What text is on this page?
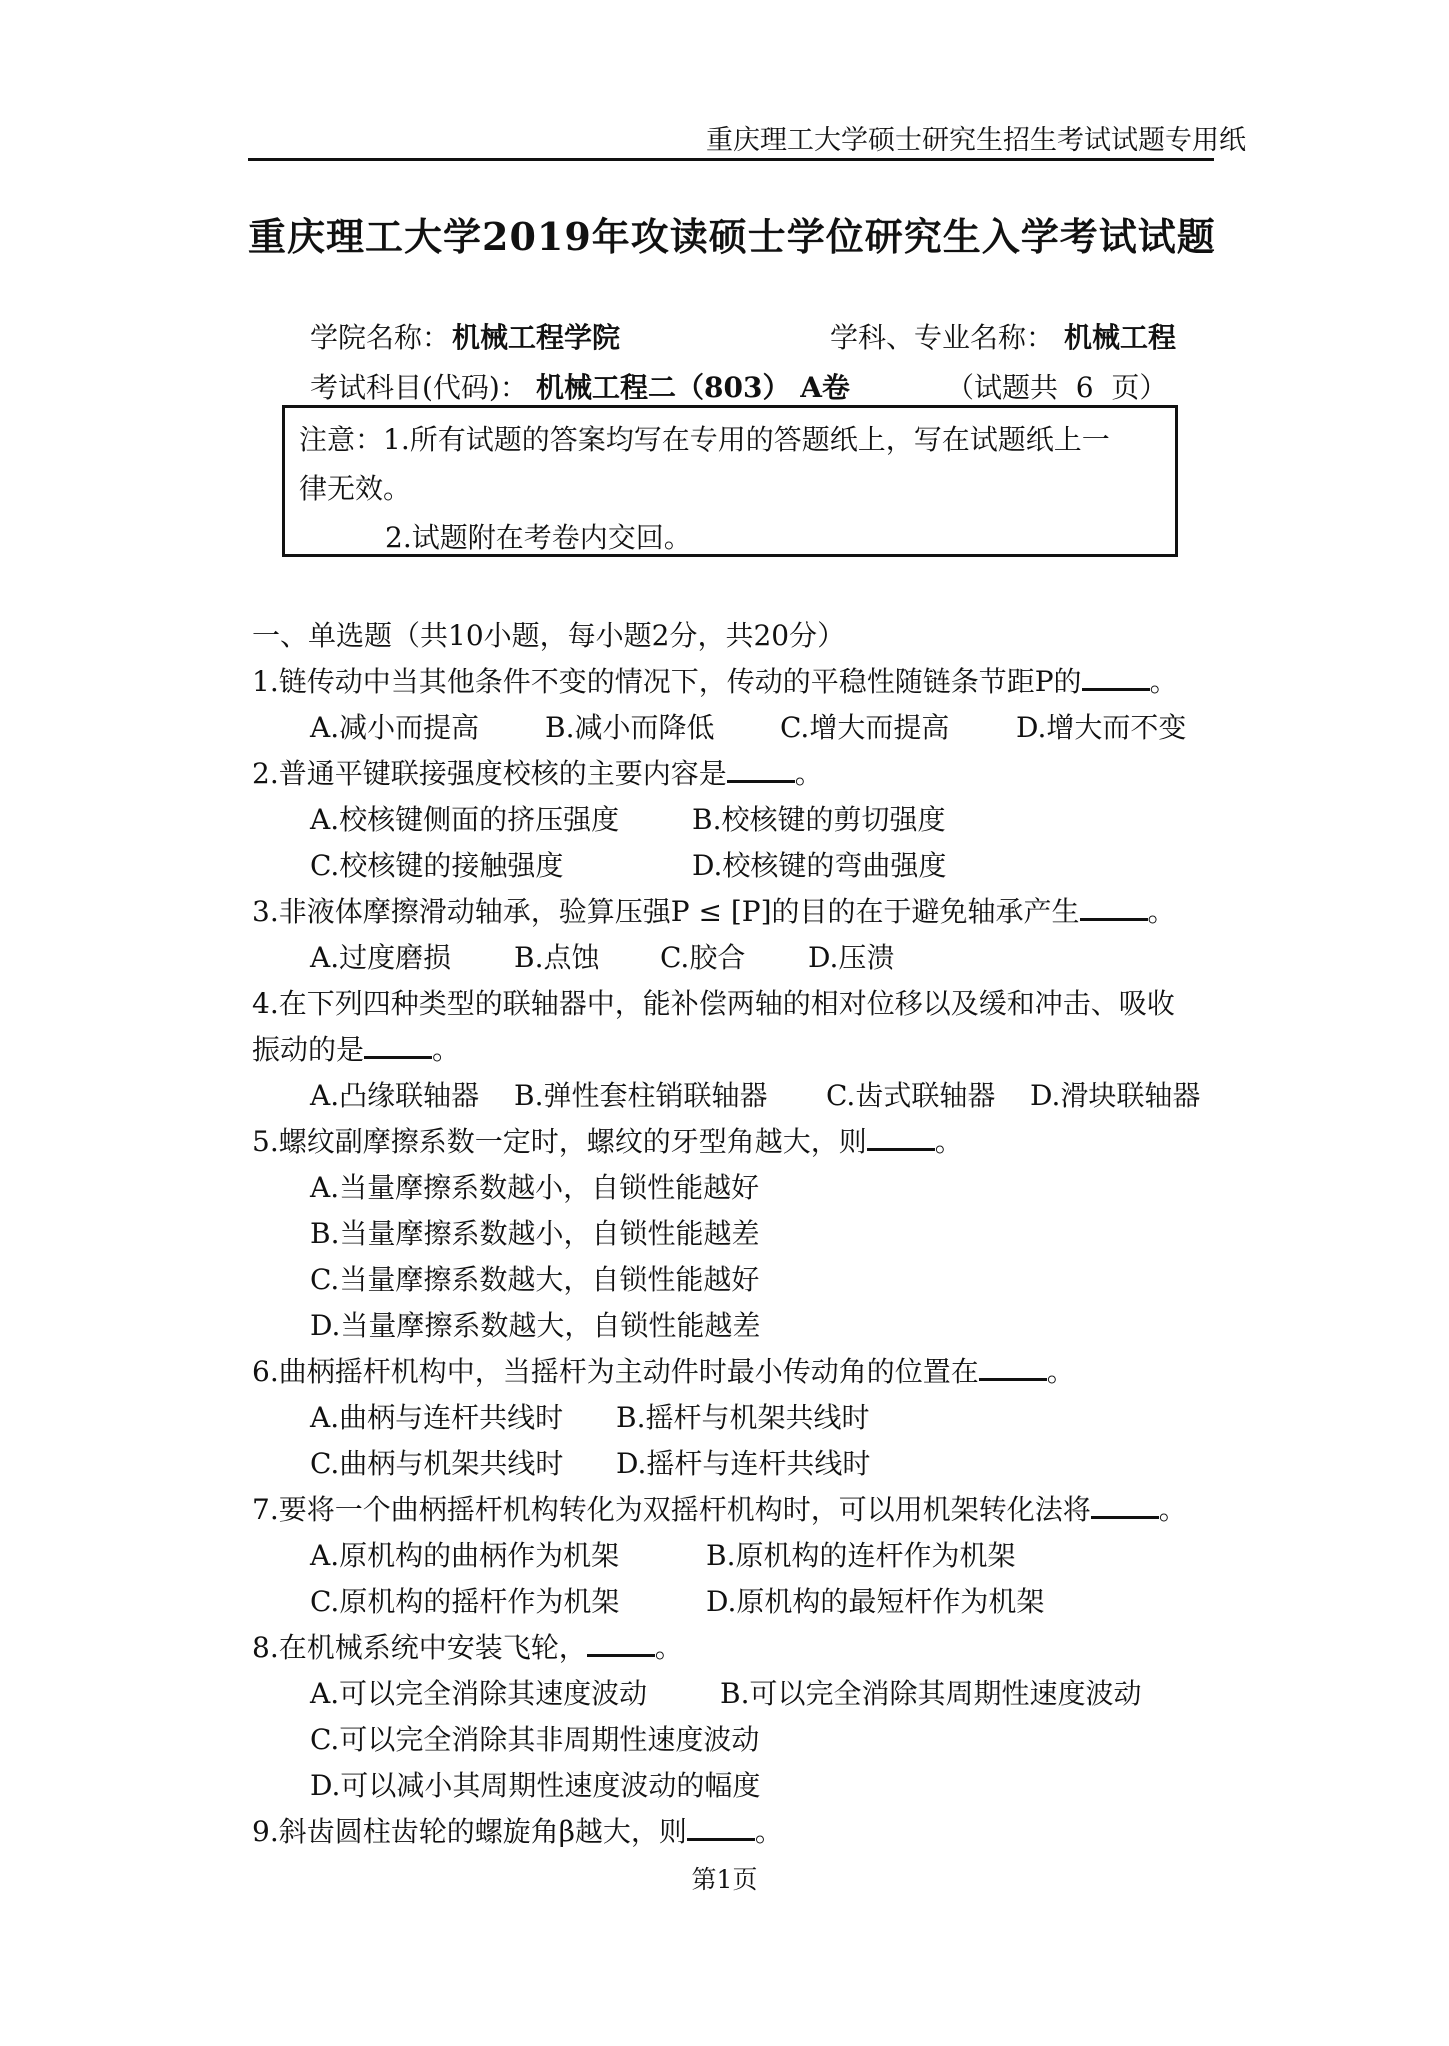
重庆理工大学硕士研究生招生考试试题专用纸
重庆理工大学2019年攻读硕士学位研究生入学考试试题
学院名称： 机械工程学院	学科、专业名称： 机械工程
考试科目(代码)： 机械工程二（803） A卷	（试题共  6  页）
注意：1.所有试题的答案均写在专用的答题纸上，写在试题纸上一
律无效。
2.试题附在考卷内交回。
一、单选题（共10小题，每小题2分，共20分）
1.链传动中当其他条件不变的情况下，传动的平稳性随链条节距P的 。
A.减小而提高 B.减小而降低 C.增大而提高 D.增大而不变
2.普通平键联接强度校核的主要内容是 。
A.校核键侧面的挤压强度	B.校核键的剪切强度
C.校核键的接触强度	D.校核键的弯曲强度
3.非液体摩擦滑动轴承，验算压强P ≤ [P]的目的在于避免轴承产生 。
A.过度磨损 B.点蚀 C.胶合 D.压溃
4.在下列四种类型的联轴器中，能补偿两轴的相对位移以及缓和冲击、吸收
振动的是 。
A.凸缘联轴器 B.弹性套柱销联轴器 C.齿式联轴器 D.滑块联轴器
5.螺纹副摩擦系数一定时，螺纹的牙型角越大，则 。
A.当量摩擦系数越小，自锁性能越好
B.当量摩擦系数越小，自锁性能越差
C.当量摩擦系数越大，自锁性能越好
D.当量摩擦系数越大，自锁性能越差
6.曲柄摇杆机构中，当摇杆为主动件时最小传动角的位置在 。
A.曲柄与连杆共线时 B.摇杆与机架共线时
C.曲柄与机架共线时 D.摇杆与连杆共线时
7.要将一个曲柄摇杆机构转化为双摇杆机构时，可以用机架转化法将 。
A.原机构的曲柄作为机架	B.原机构的连杆作为机架
C.原机构的摇杆作为机架	D.原机构的最短杆作为机架
8.在机械系统中安装飞轮， 。
A.可以完全消除其速度波动	B.可以完全消除其周期性速度波动
C.可以完全消除其非周期性速度波动
D.可以减小其周期性速度波动的幅度
9.斜齿圆柱齿轮的螺旋角β越大，则 。
第1页
